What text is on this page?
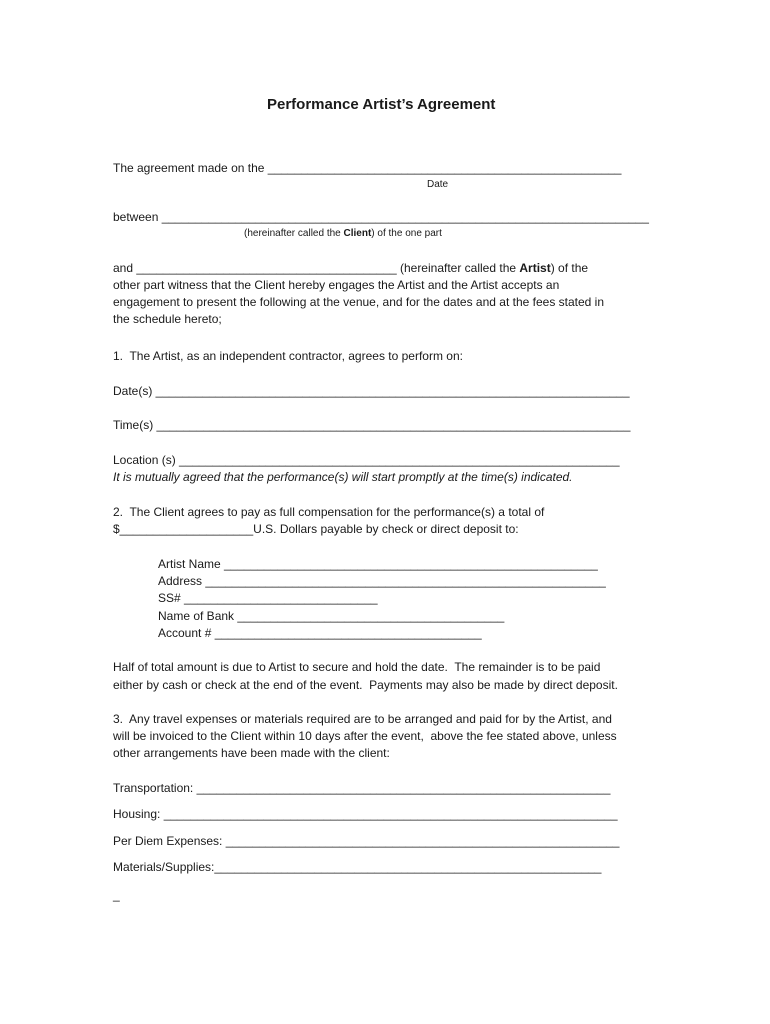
Performance Artist’s Agreement
The agreement made on the _____________________________________________________
Date
between _________________________________________________________________________
(hereinafter called the Client) of the one part
and _______________________________________ (hereinafter called the Artist) of the
other part witness that the Client hereby engages the Artist and the Artist accepts an
engagement to present the following at the venue, and for the dates and at the fees stated in
the schedule hereto;
1.  The Artist, as an independent contractor, agrees to perform on:
Date(s) _______________________________________________________________________
Time(s) _______________________________________________________________________
Location (s) __________________________________________________________________
It is mutually agreed that the performance(s) will start promptly at the time(s) indicated.
2.  The Client agrees to pay as full compensation for the performance(s) a total of
$____________________U.S. Dollars payable by check or direct deposit to:
Artist Name ________________________________________________________
Address ____________________________________________________________
SS# _____________________________
Name of Bank ________________________________________
Account # ________________________________________
Half of total amount is due to Artist to secure and hold the date.  The remainder is to be paid
either by cash or check at the end of the event.  Payments may also be made by direct deposit.
3.  Any travel expenses or materials required are to be arranged and paid for by the Artist, and
will be invoiced to the Client within 10 days after the event,  above the fee stated above, unless
other arrangements have been made with the client:
Transportation: ______________________________________________________________
Housing: ____________________________________________________________________
Per Diem Expenses: ___________________________________________________________
Materials/Supplies:__________________________________________________________
_
